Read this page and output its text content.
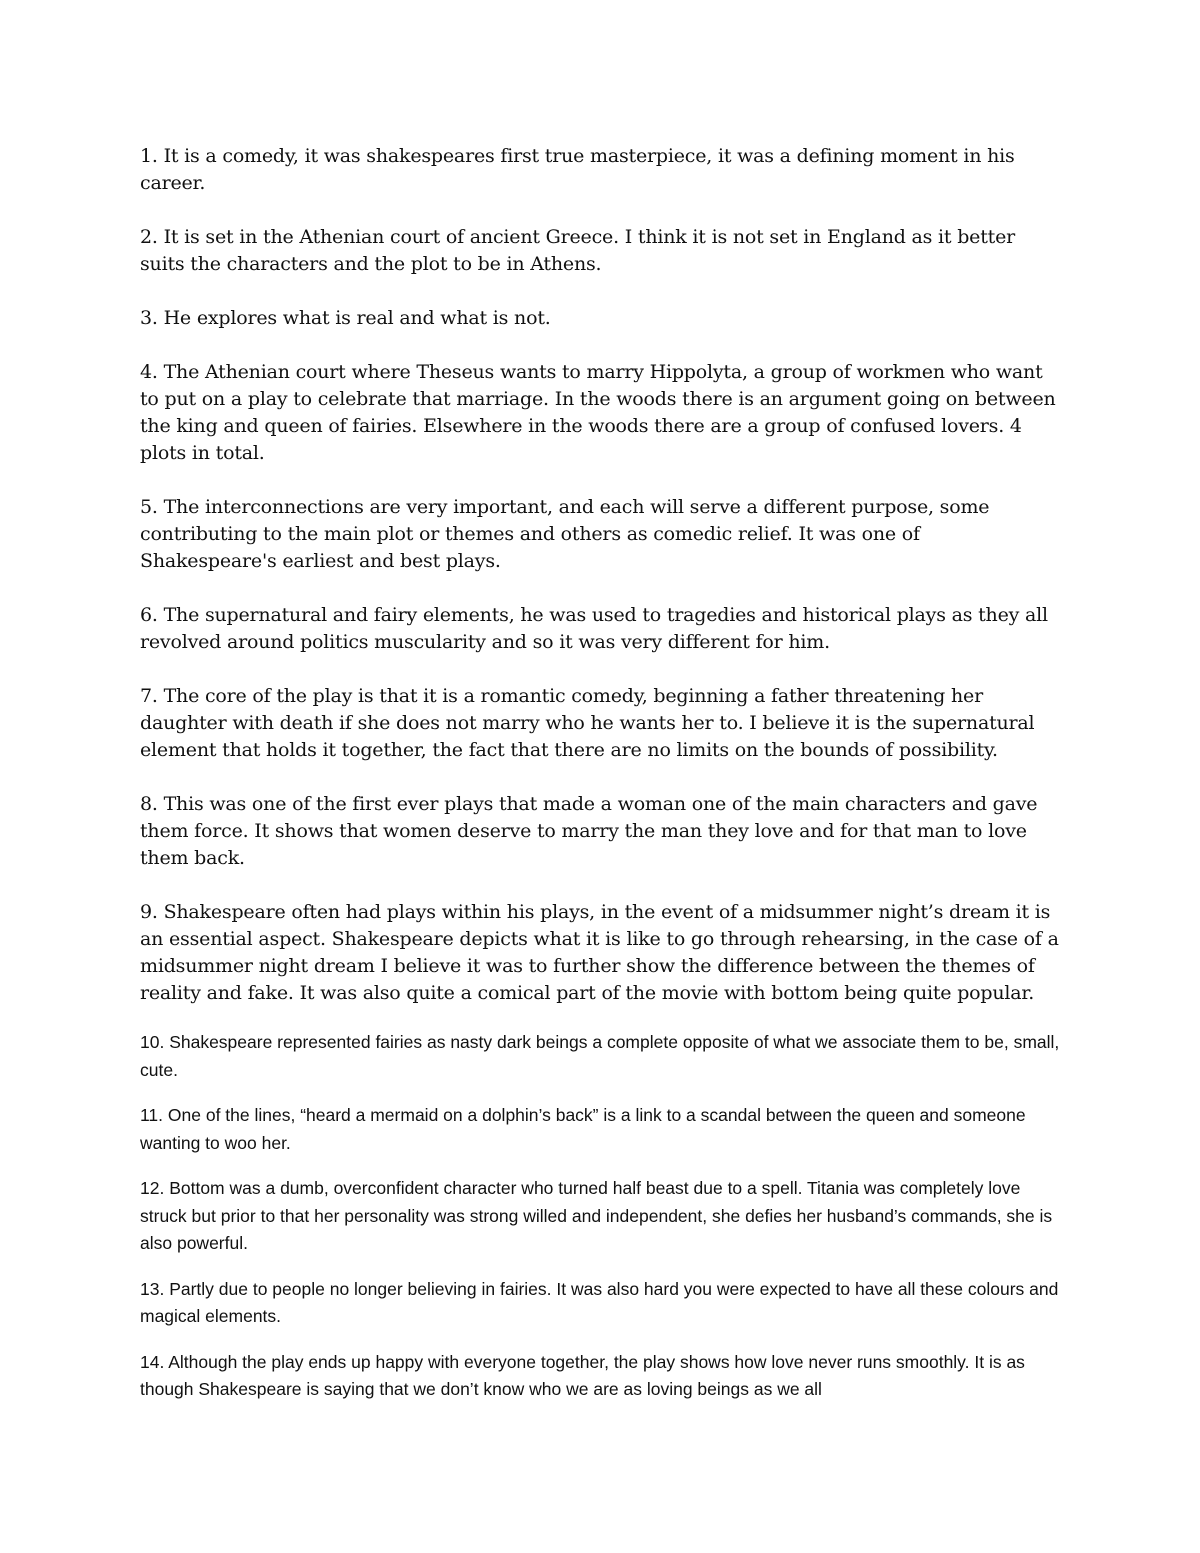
1. It is a comedy, it was shakespeares first true masterpiece, it was a defining moment in his career.

2. It is set in the Athenian court of ancient Greece. I think it is not set in England as it better suits the characters and the plot to be in Athens.

3. He explores what is real and what is not.

4. The Athenian court where Theseus wants to marry Hippolyta, a group of workmen who want to put on a play to celebrate that marriage. In the woods there is an argument going on between the king and queen of fairies. Elsewhere in the woods there are a group of confused lovers. 4 plots in total.

5. The interconnections are very important, and each will serve a different purpose, some contributing to the main plot or themes and others as comedic relief. It was one of Shakespeare's earliest and best plays.

6. The supernatural and fairy elements, he was used to tragedies and historical plays as they all revolved around politics muscularity and so it was very different for him.

7. The core of the play is that it is a romantic comedy, beginning a father threatening her daughter with death if she does not marry who he wants her to. I believe it is the supernatural element that holds it together, the fact that there are no limits on the bounds of possibility.

8. This was one of the first ever plays that made a woman one of the main characters and gave them force. It shows that women deserve to marry the man they love and for that man to love them back.

9. Shakespeare often had plays within his plays, in the event of a midsummer night’s dream it is an essential aspect. Shakespeare depicts what it is like to go through rehearsing, in the case of a midsummer night dream I believe it was to further show the difference between the themes of reality and fake. It was also quite a comical part of the movie with bottom being quite popular.

10. Shakespeare represented fairies as nasty dark beings a complete opposite of what we associate them to be, small, cute.

11. One of the lines, “heard a mermaid on a dolphin’s back” is a link to a scandal between the queen and someone wanting to woo her.

12. Bottom was a dumb, overconfident character who turned half beast due to a spell. Titania was completely love struck but prior to that her personality was strong willed and independent, she defies her husband’s commands, she is also powerful.

13. Partly due to people no longer believing in fairies. It was also hard you were expected to have all these colours and magical elements.

14. Although the play ends up happy with everyone together, the play shows how love never runs smoothly. It is as though Shakespeare is saying that we don’t know who we are as loving beings as we all
